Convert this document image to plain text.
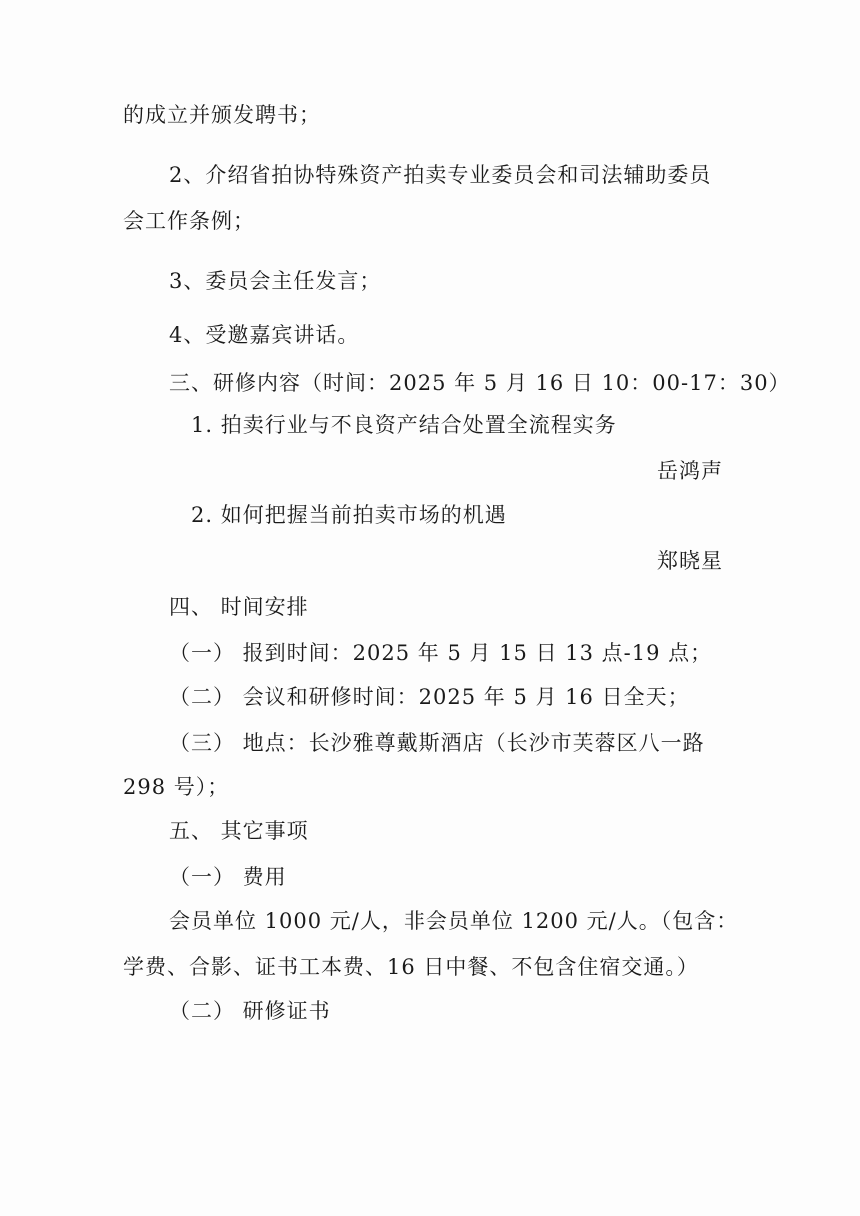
的成立并颁发聘书；
2、介绍省拍协特殊资产拍卖专业委员会和司法辅助委员
会工作条例；
3、委员会主任发言；
4、受邀嘉宾讲话。
三、研修内容（时间：2025 年 5 月 16 日 10：00-17：30）
1. 拍卖行业与不良资产结合处置全流程实务
岳鸿声
2. 如何把握当前拍卖市场的机遇
郑晓星
四、 时间安排
（一） 报到时间：2025 年 5 月 15 日 13 点-19 点；
（二） 会议和研修时间：2025 年 5 月 16 日全天；
（三） 地点：长沙雅尊戴斯酒店（长沙市芙蓉区八一路
298 号）；
五、 其它事项
（一） 费用
会员单位 1000 元/人，非会员单位 1200 元/人。（包含：
学费、合影、证书工本费、16 日中餐、不包含住宿交通。）
（二） 研修证书
